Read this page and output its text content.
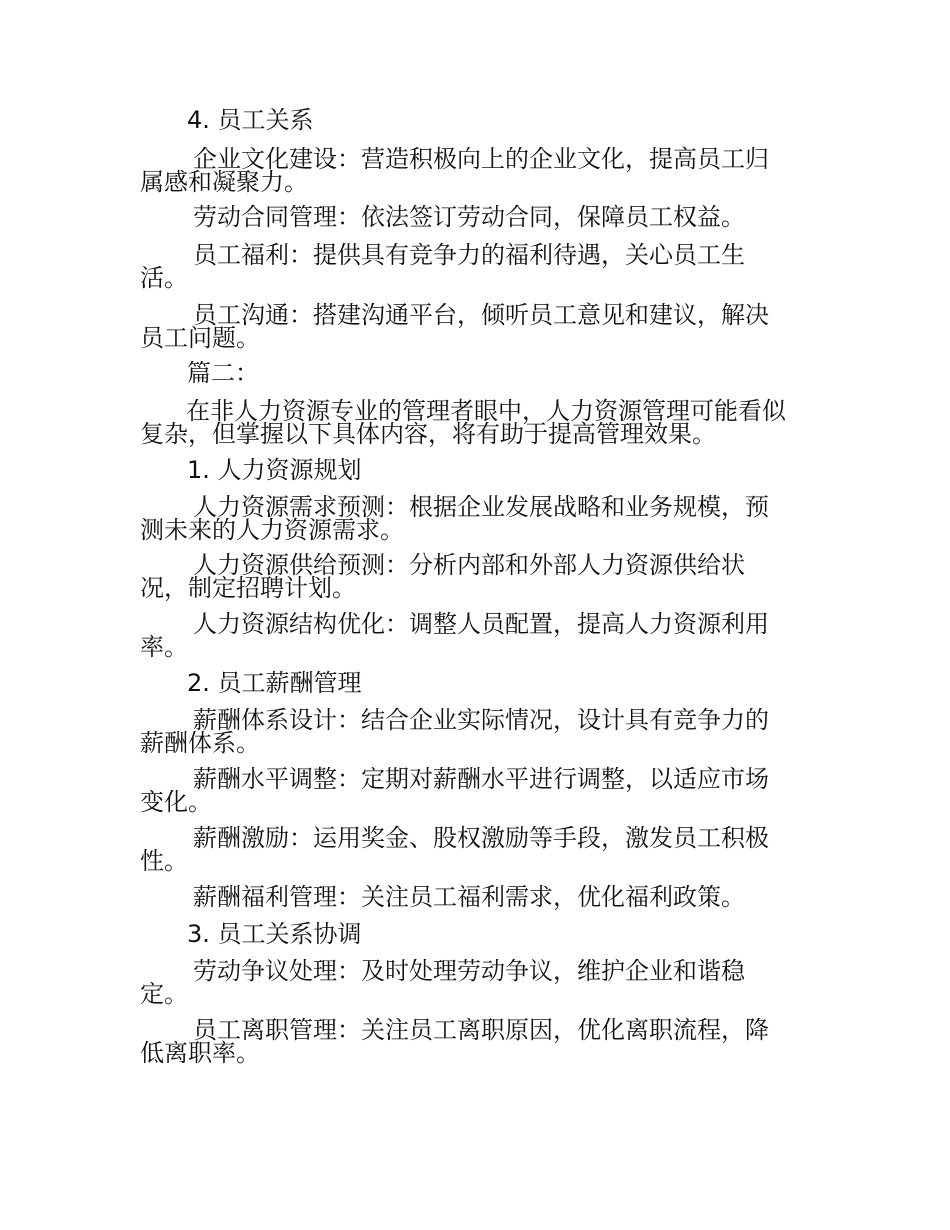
4. 员工关系
企业文化建设：营造积极向上的企业文化，提高员工归
属感和凝聚力。
劳动合同管理：依法签订劳动合同，保障员工权益。
员工福利：提供具有竞争力的福利待遇，关心员工生
活。
员工沟通：搭建沟通平台，倾听员工意见和建议，解决
员工问题。
篇二：
在非人力资源专业的管理者眼中，人力资源管理可能看似
复杂，但掌握以下具体内容，将有助于提高管理效果。
1. 人力资源规划
人力资源需求预测：根据企业发展战略和业务规模，预
测未来的人力资源需求。
人力资源供给预测：分析内部和外部人力资源供给状
况，制定招聘计划。
人力资源结构优化：调整人员配置，提高人力资源利用
率。
2. 员工薪酬管理
薪酬体系设计：结合企业实际情况，设计具有竞争力的
薪酬体系。
薪酬水平调整：定期对薪酬水平进行调整，以适应市场
变化。
薪酬激励：运用奖金、股权激励等手段，激发员工积极
性。
薪酬福利管理：关注员工福利需求，优化福利政策。
3. 员工关系协调
劳动争议处理：及时处理劳动争议，维护企业和谐稳
定。
员工离职管理：关注员工离职原因，优化离职流程，降
低离职率。
